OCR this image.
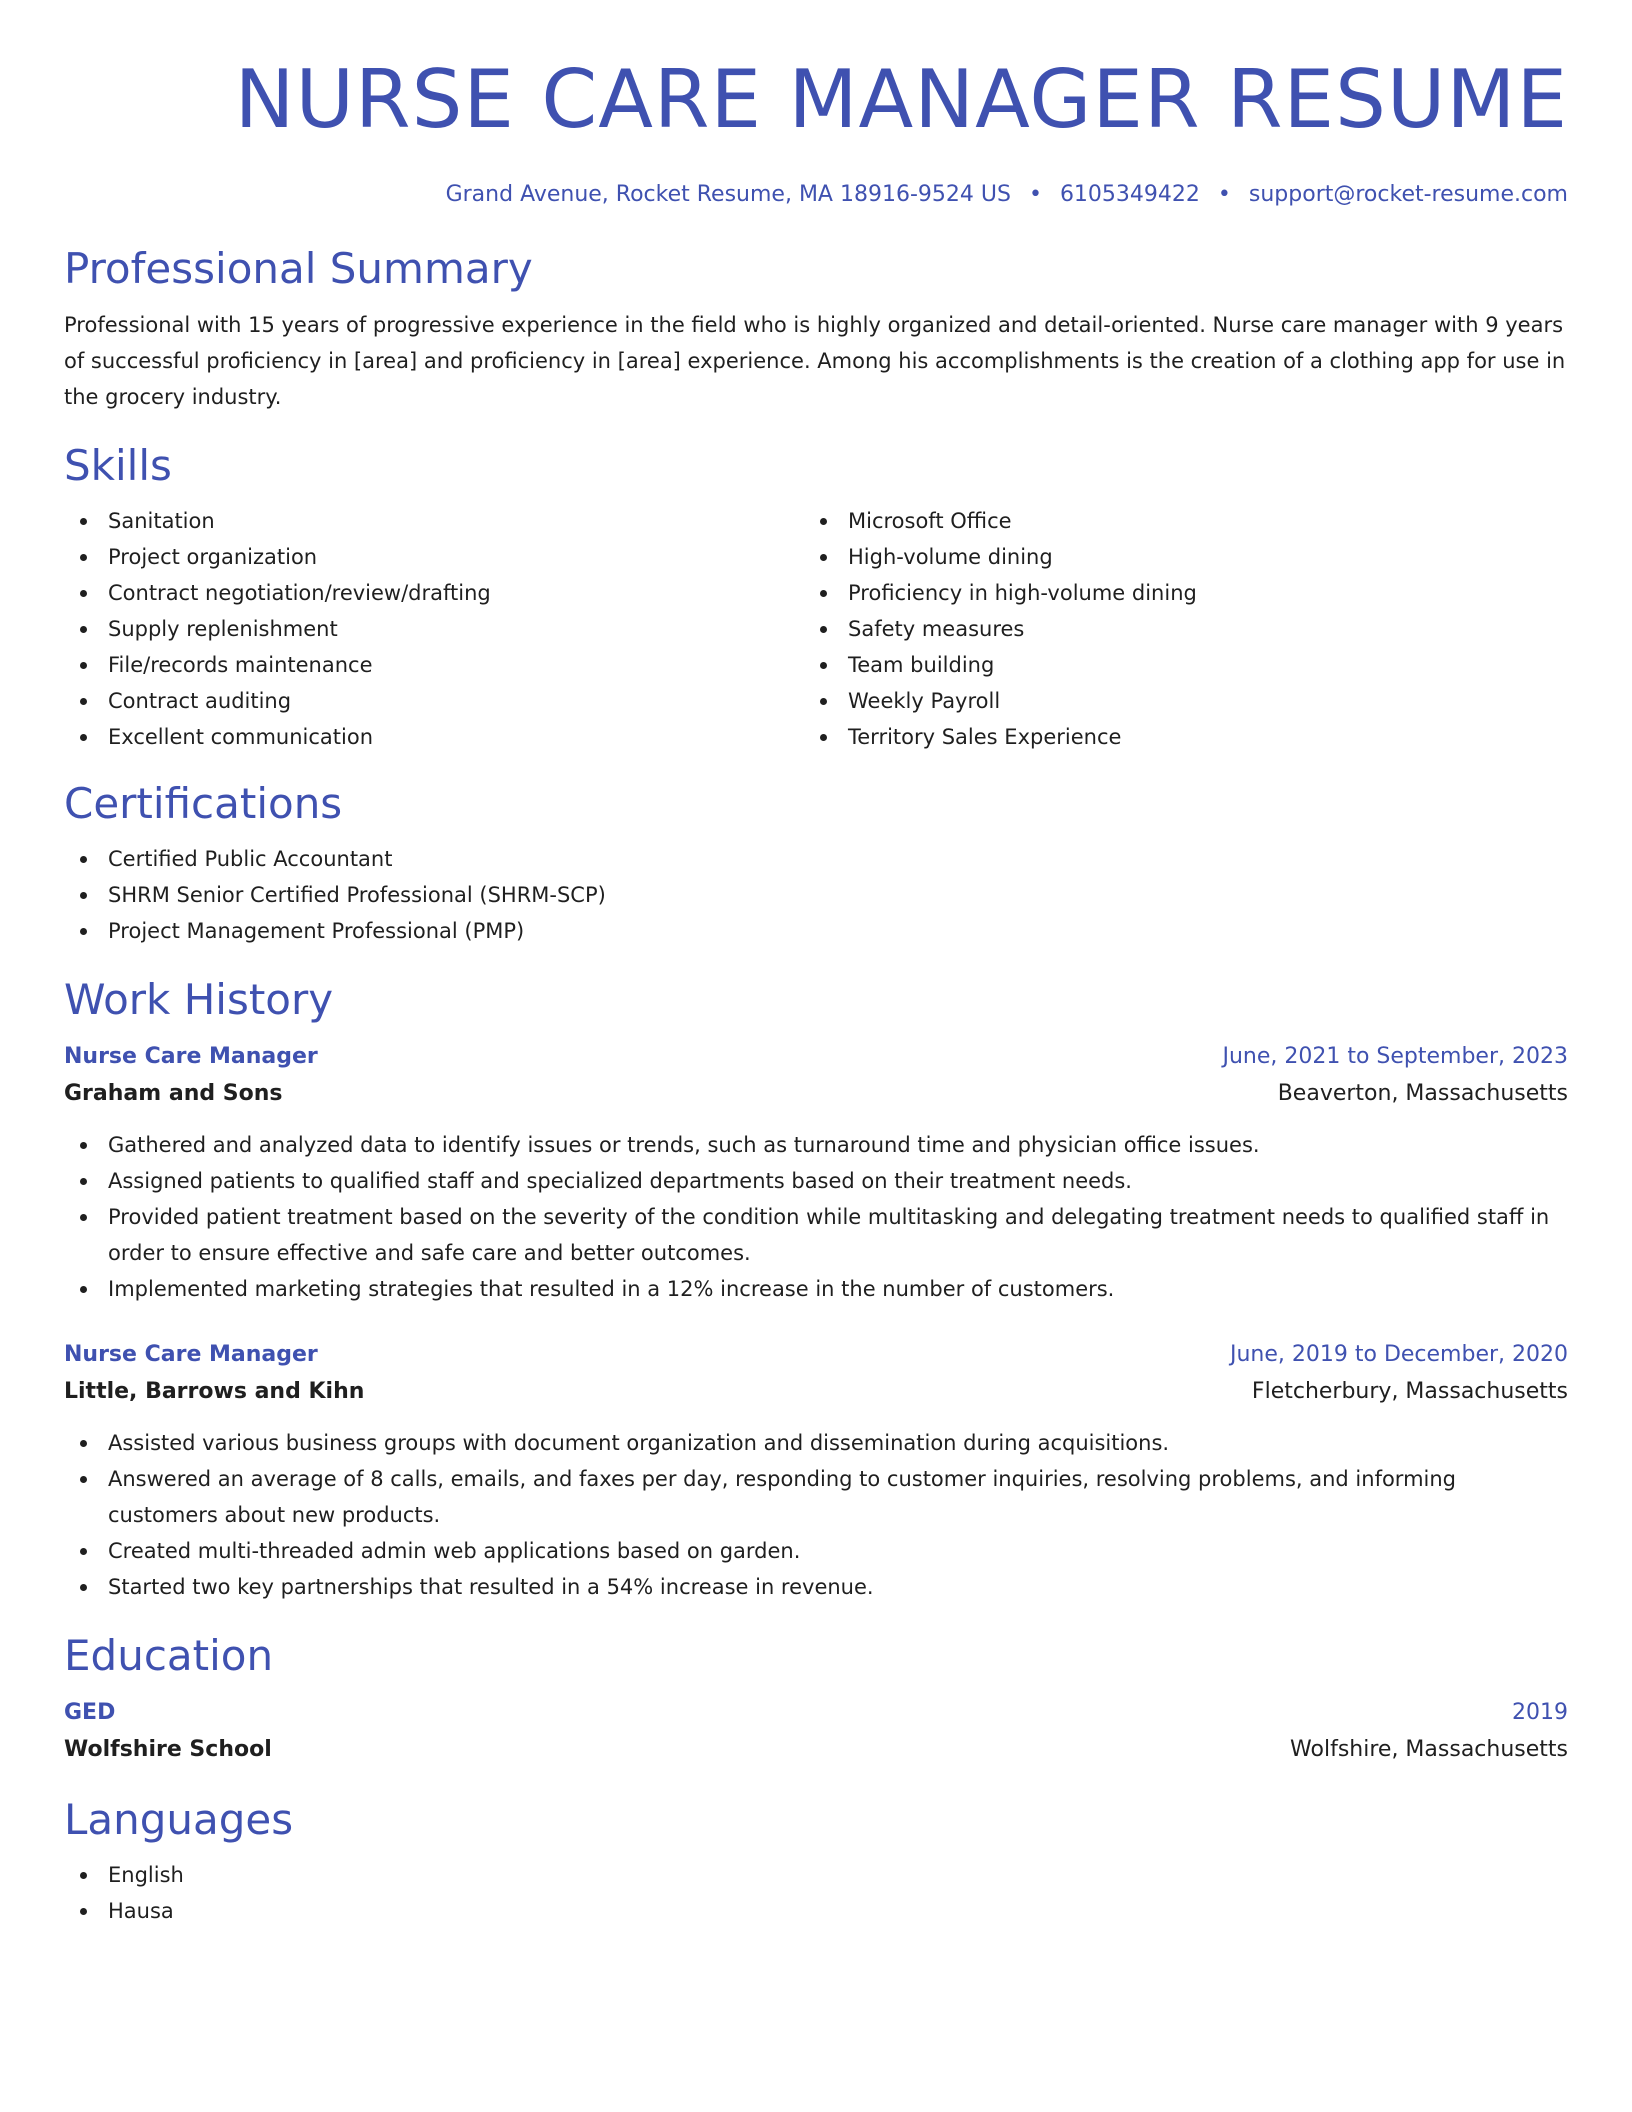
NURSE CARE MANAGER RESUME
Grand Avenue, Rocket Resume, MA 18916-9524 US • 6105349422 • support@rocket-resume.com
Professional Summary

Professional with 15 years of progressive experience in the field who is highly organized and detail-oriented. Nurse care manager with 9 years of successful proficiency in [area] and proficiency in [area] experience. Among his accomplishments is the creation of a clothing app for use in the grocery industry.

Skills
Sanitation
Project organization
Contract negotiation/review/drafting
Supply replenishment
File/records maintenance
Contract auditing
Excellent communication
Microsoft Office
High-volume dining
Proficiency in high-volume dining
Safety measures
Team building
Weekly Payroll
Territory Sales Experience
Certifications
Certified Public Accountant
SHRM Senior Certified Professional (SHRM-SCP)
Project Management Professional (PMP)
Work History
Nurse Care Manager	June, 2021 to September, 2023
Graham and Sons	Beaverton, Massachusetts
Gathered and analyzed data to identify issues or trends, such as turnaround time and physician office issues.
Assigned patients to qualified staff and specialized departments based on their treatment needs.
Provided patient treatment based on the severity of the condition while multitasking and delegating treatment needs to qualified staff in order to ensure effective and safe care and better outcomes.
Implemented marketing strategies that resulted in a 12% increase in the number of customers.
Nurse Care Manager	June, 2019 to December, 2020
Little, Barrows and Kihn	Fletcherbury, Massachusetts
Assisted various business groups with document organization and dissemination during acquisitions.
Answered an average of 8 calls, emails, and faxes per day, responding to customer inquiries, resolving problems, and informing customers about new products.
Created multi-threaded admin web applications based on garden.
Started two key partnerships that resulted in a 54% increase in revenue.
Education
GED	2019
Wolfshire School	Wolfshire, Massachusetts
Languages
English
Hausa
